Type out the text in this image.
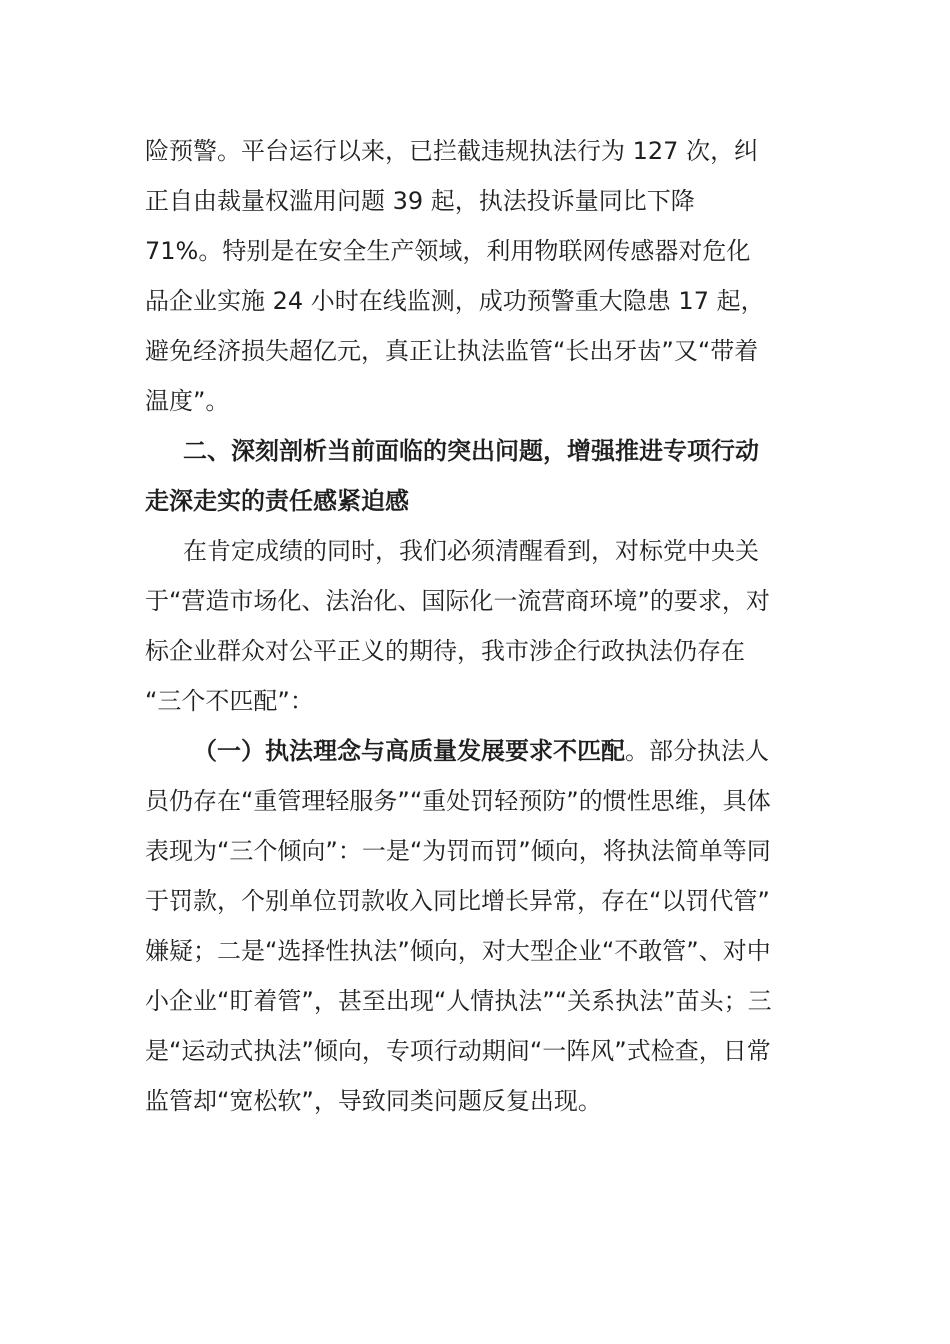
险预警。平台运行以来，已拦截违规执法行为 127 次，纠
正自由裁量权滥用问题 39 起，执法投诉量同比下降
71%。特别是在安全生产领域，利用物联网传感器对危化
品企业实施 24 小时在线监测，成功预警重大隐患 17 起，
避免经济损失超亿元，真正让执法监管“长出牙齿”又“带着
温度”。
二、深刻剖析当前面临的突出问题，增强推进专项行动
走深走实的责任感紧迫感
在肯定成绩的同时，我们必须清醒看到，对标党中央关
于“营造市场化、法治化、国际化一流营商环境”的要求，对
标企业群众对公平正义的期待，我市涉企行政执法仍存在
“三个不匹配”：
（一）执法理念与高质量发展要求不匹配。部分执法人
员仍存在“重管理轻服务”“重处罚轻预防”的惯性思维，具体
表现为“三个倾向”：一是“为罚而罚”倾向，将执法简单等同
于罚款，个别单位罚款收入同比增长异常，存在“以罚代管”
嫌疑；二是“选择性执法”倾向，对大型企业“不敢管”、对中
小企业“盯着管”，甚至出现“人情执法”“关系执法”苗头；三
是“运动式执法”倾向，专项行动期间“一阵风”式检查，日常
监管却“宽松软”，导致同类问题反复出现。
